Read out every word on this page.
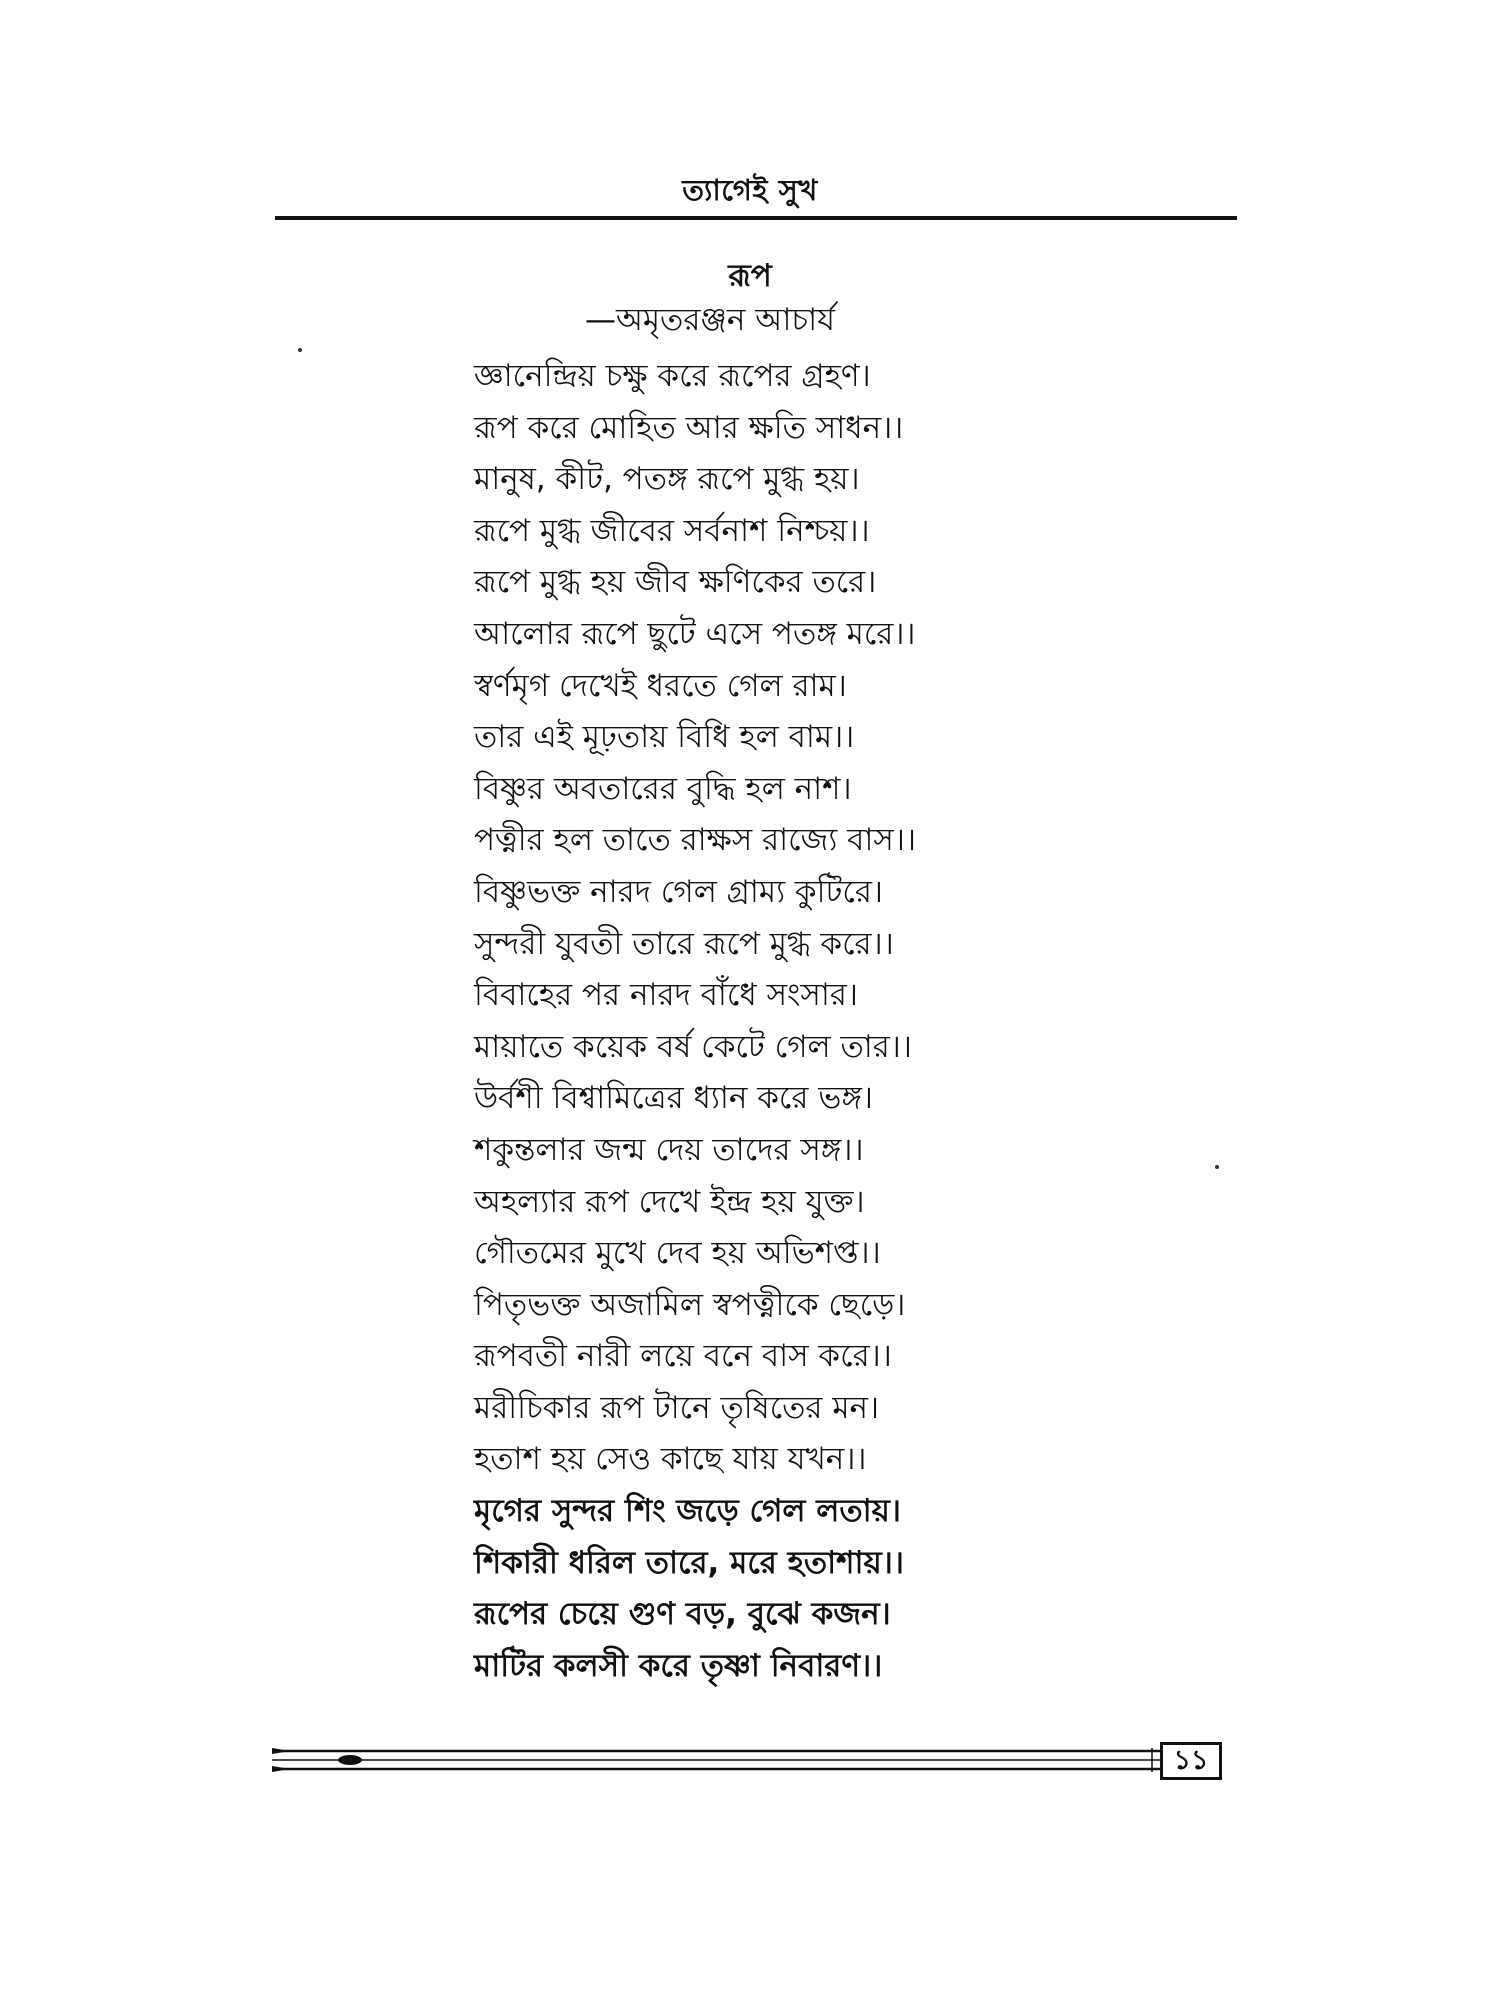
ত্যাগেই সুখ
রূপ
—অমৃতরঞ্জন আচার্য
জ্ঞানেন্দ্রিয় চক্ষু করে রূপের গ্রহণ।
রূপ করে মোহিত আর ক্ষতি সাধন।।
মানুষ, কীট, পতঙ্গ রূপে মুগ্ধ হয়।
রূপে মুগ্ধ জীবের সর্বনাশ নিশ্চয়।।
রূপে মুগ্ধ হয় জীব ক্ষণিকের তরে।
আলোর রূপে ছুটে এসে পতঙ্গ মরে।।
স্বর্ণমৃগ দেখেই ধরতে গেল রাম।
তার এই মূঢ়তায় বিধি হল বাম।।
বিষ্ণুর অবতারের বুদ্ধি হল নাশ।
পত্নীর হল তাতে রাক্ষস রাজ্যে বাস।।
বিষ্ণুভক্ত নারদ গেল গ্রাম্য কুটিরে।
সুন্দরী যুবতী তারে রূপে মুগ্ধ করে।।
বিবাহের পর নারদ বাঁধে সংসার।
মায়াতে কয়েক বর্ষ কেটে গেল তার।।
উর্বশী বিশ্বামিত্রের ধ্যান করে ভঙ্গ।
শকুন্তলার জন্ম দেয় তাদের সঙ্গ।।
অহল্যার রূপ দেখে ইন্দ্র হয় যুক্ত।
গৌতমের মুখে দেব হয় অভিশপ্ত।।
পিতৃভক্ত অজামিল স্বপত্নীকে ছেড়ে।
রূপবতী নারী লয়ে বনে বাস করে।।
মরীচিকার রূপ টানে তৃষিতের মন।
হতাশ হয় সেও কাছে যায় যখন।।
মৃগের সুন্দর শিং জড়ে গেল লতায়।
শিকারী ধরিল তারে, মরে হতাশায়।।
রূপের চেয়ে গুণ বড়, বুঝে কজন।
মাটির কলসী করে তৃষ্ণা নিবারণ।।
১১
